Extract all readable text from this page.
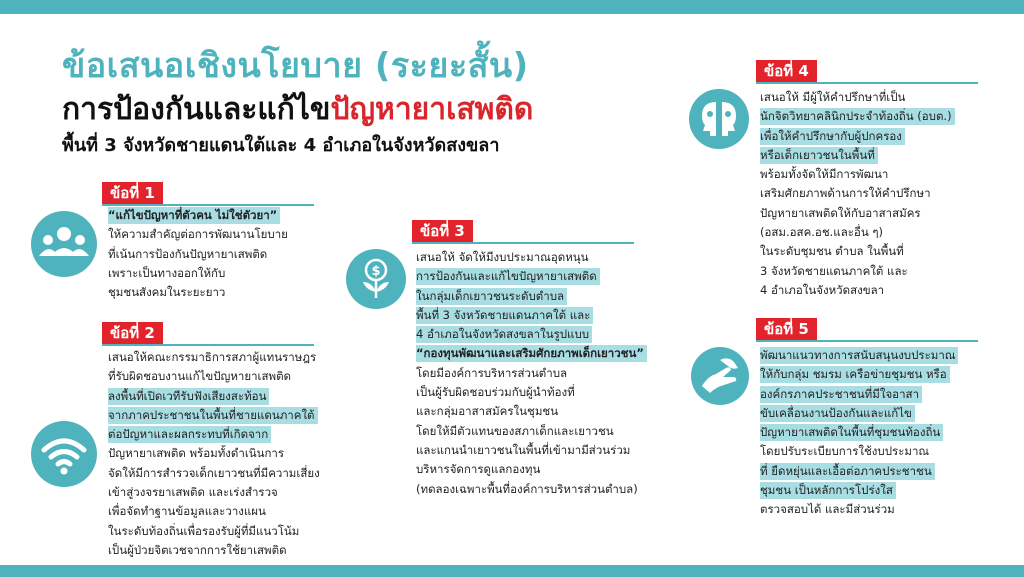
ข้อเสนอเชิงนโยบาย (ระยะสั้น)
การป้องกันและแก้ไขปัญหายาเสพติด
พื้นที่ 3 จังหวัดชายแดนใต้และ 4 อำเภอในจังหวัดสงขลา
ข้อที่ 1
“แก้ไขปัญหาที่ตัวคน ไม่ใช่ตัวยา”
ให้ความสำคัญต่อการพัฒนานโยบาย
ที่เน้นการป้องกันปัญหายาเสพติด
เพราะเป็นทางออกให้กับ
ชุมชนสังคมในระยะยาว
ข้อที่ 2
เสนอให้คณะกรรมาธิการสภาผู้แทนราษฎร
ที่รับผิดชอบงานแก้ไขปัญหายาเสพติด
ลงพื้นที่เปิดเวทีรับฟังเสียงสะท้อน
จากภาคประชาชนในพื้นที่ชายแดนภาคใต้
ต่อปัญหาและผลกระทบที่เกิดจาก
ปัญหายาเสพติด พร้อมทั้งดำเนินการ
จัดให้มีการสำรวจเด็กเยาวชนที่มีความเสี่ยง
เข้าสู่วงจรยาเสพติด และเร่งสำรวจ
เพื่อจัดทำฐานข้อมูลและวางแผน
ในระดับท้องถิ่นเพื่อรองรับผู้ที่มีแนวโน้ม
เป็นผู้ป่วยจิตเวชจากการใช้ยาเสพติด
ข้อที่ 3
$
เสนอให้ จัดให้มีงบประมาณอุดหนุน
การป้องกันและแก้ไขปัญหายาเสพติด
ในกลุ่มเด็กเยาวชนระดับตำบล
พื้นที่ 3 จังหวัดชายแดนภาคใต้ และ
4 อำเภอในจังหวัดสงขลาในรูปแบบ
“กองทุนพัฒนาและเสริมศักยภาพเด็กเยาวชน”
โดยมีองค์การบริหารส่วนตำบล
เป็นผู้รับผิดชอบร่วมกับผู้นำท้องที่
และกลุ่มอาสาสมัครในชุมชน
โดยให้มีตัวแทนของสภาเด็กและเยาวชน
และแกนนำเยาวชนในพื้นที่เข้ามามีส่วนร่วม
บริหารจัดการดูแลกองทุน
(ทดลองเฉพาะพื้นที่องค์การบริหารส่วนตำบล)
ข้อที่ 4
เสนอให้ มีผู้ให้คำปรึกษาที่เป็น
นักจิตวิทยาคลินิกประจำท้องถิ่น (อบต.)
เพื่อให้คำปรึกษากับผู้ปกครอง
หรือเด็กเยาวชนในพื้นที่
พร้อมทั้งจัดให้มีการพัฒนา
เสริมศักยภาพด้านการให้คำปรึกษา
ปัญหายาเสพติดให้กับอาสาสมัคร
(อสม.อสค.อช.และอื่น ๆ)
ในระดับชุมชน ตำบล ในพื้นที่
3 จังหวัดชายแดนภาคใต้ และ
4 อำเภอในจังหวัดสงขลา
ข้อที่ 5
พัฒนาแนวทางการสนับสนุนงบประมาณ
ให้กับกลุ่ม ชมรม เครือข่ายชุมชน หรือ
องค์กรภาคประชาชนที่มีใจอาสา
ขับเคลื่อนงานป้องกันและแก้ไข
ปัญหายาเสพติดในพื้นที่ชุมชนท้องถิ่น
โดยปรับระเบียบการใช้งบประมาณ
ที่ ยืดหยุ่นและเอื้อต่อภาคประชาชน
ชุมชน เป็นหลักการโปร่งใส
ตรวจสอบได้ และมีส่วนร่วม
